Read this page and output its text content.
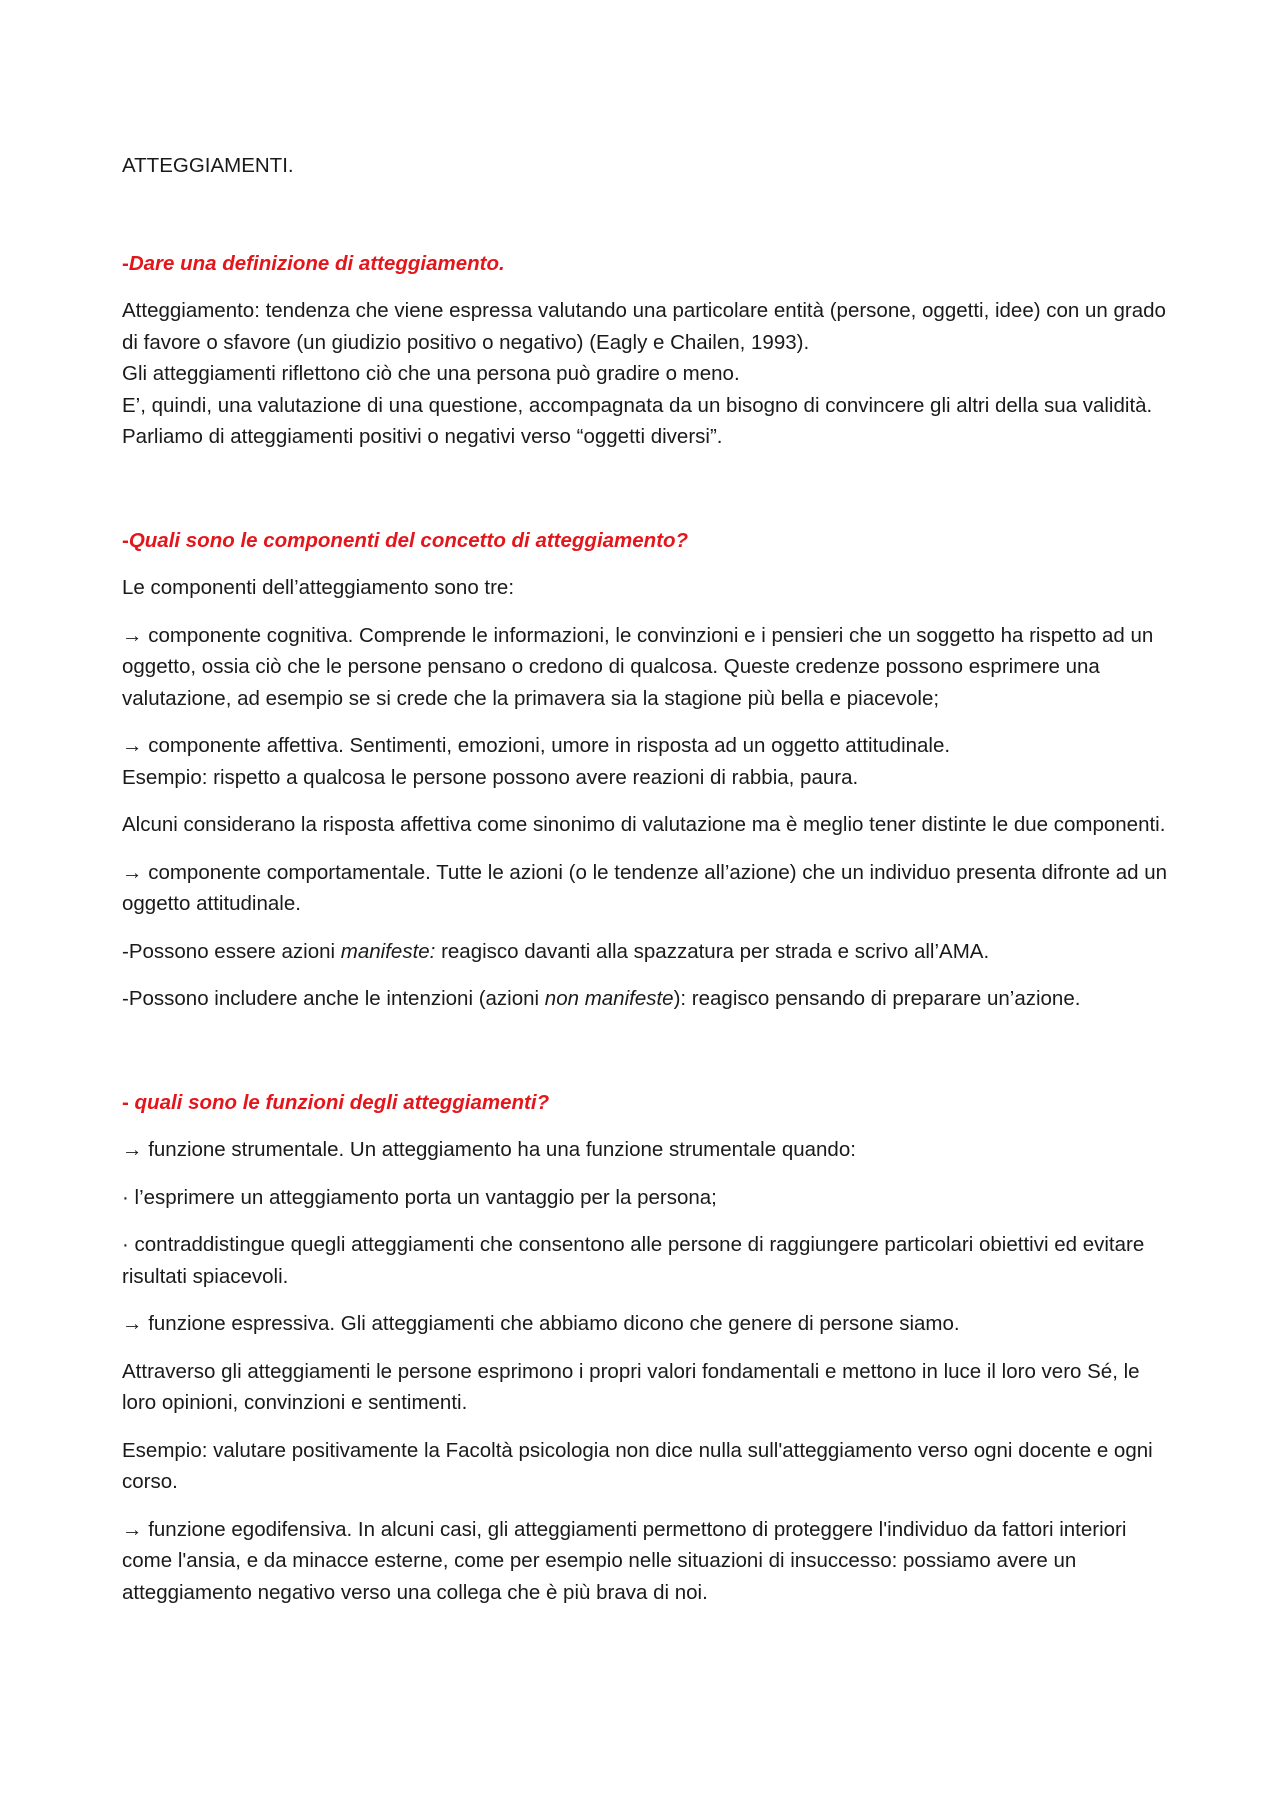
ATTEGGIAMENTI.

-Dare una definizione di atteggiamento.

Atteggiamento: tendenza che viene espressa valutando una particolare entità (persone, oggetti, idee) con un grado di favore o sfavore (un giudizio positivo o negativo) (Eagly e Chailen, 1993).
Gli atteggiamenti riflettono ciò che una persona può gradire o meno.
E’, quindi, una valutazione di una questione, accompagnata da un bisogno di convincere gli altri della sua validità.
Parliamo di atteggiamenti positivi o negativi verso “oggetti diversi”.

-Quali sono le componenti del concetto di atteggiamento?

Le componenti dell’atteggiamento sono tre:

→ componente cognitiva. Comprende le informazioni, le convinzioni e i pensieri che un soggetto ha rispetto ad un oggetto, ossia ciò che le persone pensano o credono di qualcosa. Queste credenze possono esprimere una valutazione, ad esempio se si crede che la primavera sia la stagione più bella e piacevole;

→ componente affettiva. Sentimenti, emozioni, umore in risposta ad un oggetto attitudinale.
Esempio: rispetto a qualcosa le persone possono avere reazioni di rabbia, paura.

Alcuni considerano la risposta affettiva come sinonimo di valutazione ma è meglio tener distinte le due componenti.

→ componente comportamentale. Tutte le azioni (o le tendenze all’azione) che un individuo presenta difronte ad un oggetto attitudinale.

-Possono essere azioni manifeste: reagisco davanti alla spazzatura per strada e scrivo all’AMA.

-Possono includere anche le intenzioni (azioni non manifeste): reagisco pensando di preparare un’azione.

- quali sono le funzioni degli atteggiamenti?

→ funzione strumentale. Un atteggiamento ha una funzione strumentale quando:

· l’esprimere un atteggiamento porta un vantaggio per la persona;

· contraddistingue quegli atteggiamenti che consentono alle persone di raggiungere particolari obiettivi ed evitare risultati spiacevoli.

→ funzione espressiva. Gli atteggiamenti che abbiamo dicono che genere di persone siamo.

Attraverso gli atteggiamenti le persone esprimono i propri valori fondamentali e mettono in luce il loro vero Sé, le loro opinioni, convinzioni e sentimenti.

Esempio: valutare positivamente la Facoltà psicologia non dice nulla sull'atteggiamento verso ogni docente e ogni corso.

→ funzione egodifensiva. In alcuni casi, gli atteggiamenti permettono di proteggere l'individuo da fattori interiori come l'ansia, e da minacce esterne, come per esempio nelle situazioni di insuccesso: possiamo avere un atteggiamento negativo verso una collega che è più brava di noi.
